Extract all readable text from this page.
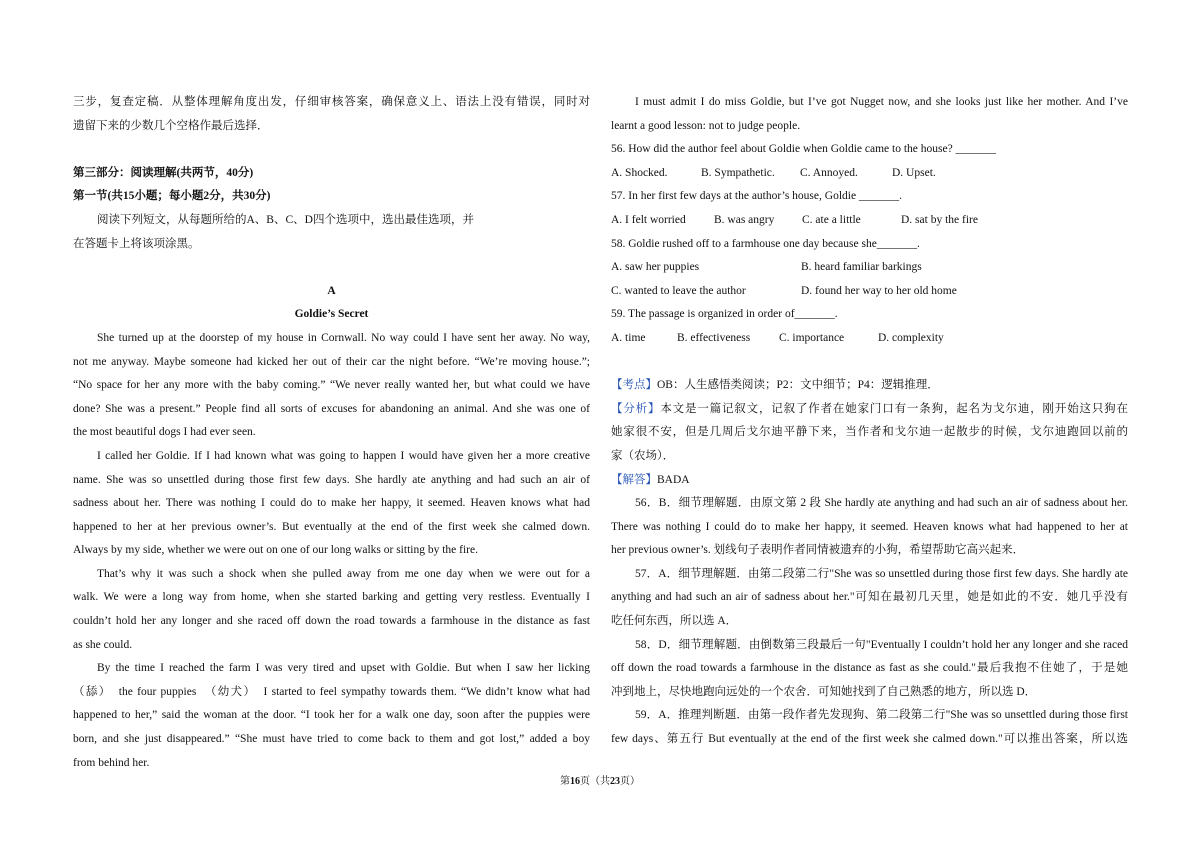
三步，复查定稿．从整体理解角度出发，仔细审核答案，确保意义上、语法上没有错误，同时对
遗留下来的少数几个空格作最后选择．
第三部分：阅读理解(共两节，40分)
第一节(共15小题；每小题2分，共30分)
阅读下列短文，从每题所给的A、B、C、D四个选项中，选出最佳选项，并
在答题卡上将该项涂黑。
A
Goldie’s Secret
She turned up at the doorstep of my house in Cornwall. No way could I have sent her away. No way,
not me anyway. Maybe someone had kicked her out of their car the night before. “We’re moving house.”;
“No space for her any more with the baby coming.” “We never really wanted her, but what could we have
done? She was a present.” People find all sorts of excuses for abandoning an animal. And she was one of
the most beautiful dogs I had ever seen.
I called her Goldie. If I had known what was going to happen I would have given her a more creative
name. She was so unsettled during those first few days. She hardly ate anything and had such an air of
sadness about her. There was nothing I could do to make her happy, it seemed. Heaven knows what had
happened to her at her previous owner’s. But eventually at the end of the first week she calmed down.
Always by my side, whether we were out on one of our long walks or sitting by the fire.
That’s why it was such a shock when she pulled away from me one day when we were out for a
walk. We were a long way from home, when she started barking and getting very restless. Eventually I
couldn’t hold her any longer and she raced off down the road towards a farmhouse in the distance as fast
as she could.
By the time I reached the farm I was very tired and upset with Goldie. But when I saw her licking
（舔）　the four puppies　（幼犬）　I started to feel sympathy towards them. “We didn’t know what had
happened to her,” said the woman at the door. “I took her for a walk one day, soon after the puppies were
born, and she just disappeared.” “She must have tried to come back to them and got lost,” added a boy
from behind her.
I must admit I do miss Goldie, but I’ve got Nugget now, and she looks just like her mother. And I’ve
learnt a good lesson: not to judge people.
56. How did the author feel about Goldie when Goldie came to the house? _______
A. Shocked.	B. Sympathetic.	C. Annoyed.	D. Upset.
57. In her first few days at the author’s house, Goldie _______.
A. I felt worried	B. was angry	C. ate a little	D. sat by the fire
58. Goldie rushed off to a farmhouse one day because she_______.
A. saw her puppies	B. heard familiar barkings
C. wanted to leave the author	D. found her way to her old home
59. The passage is organized in order of_______.
A. time	B. effectiveness	C. importance	D. complexity
【考点】OB：人生感悟类阅读；P2：文中细节；P4：逻辑推理．
【分析】本文是一篇记叙文，记叙了作者在她家门口有一条狗，起名为戈尔迪，刚开始这只狗在
她家很不安，但是几周后戈尔迪平静下来，当作者和戈尔迪一起散步的时候，戈尔迪跑回以前的
家（农场）．
【解答】BADA
56．B．细节理解题．由原文第 2 段 She hardly ate anything and had such an air of sadness about her.
There was nothing I could do to make her happy, it seemed. Heaven knows what had happened to her at
her previous owner’s. 划线句子表明作者同情被遗弃的小狗，希望帮助它高兴起来．
57．A．细节理解题．由第二段第二行"She was so unsettled during those first few days. She hardly ate
anything and had such an air of sadness about her."可知在最初几天里，她是如此的不安．她几乎没有
吃任何东西，所以选 A．
58．D．细节理解题．由倒数第三段最后一句"Eventually I couldn’t hold her any longer and she raced
off down the road towards a farmhouse in the distance as fast as she could."最后我抱不住她了，于是她
冲到地上，尽快地跑向远处的一个农舍．可知她找到了自己熟悉的地方，所以选 D．
59．A．推理判断题．由第一段作者先发现狗、第二段第二行"She was so unsettled during those first
few days、第五行 But eventually at the end of the first week she calmed down."可以推出答案，所以选
第16页（共23页）
